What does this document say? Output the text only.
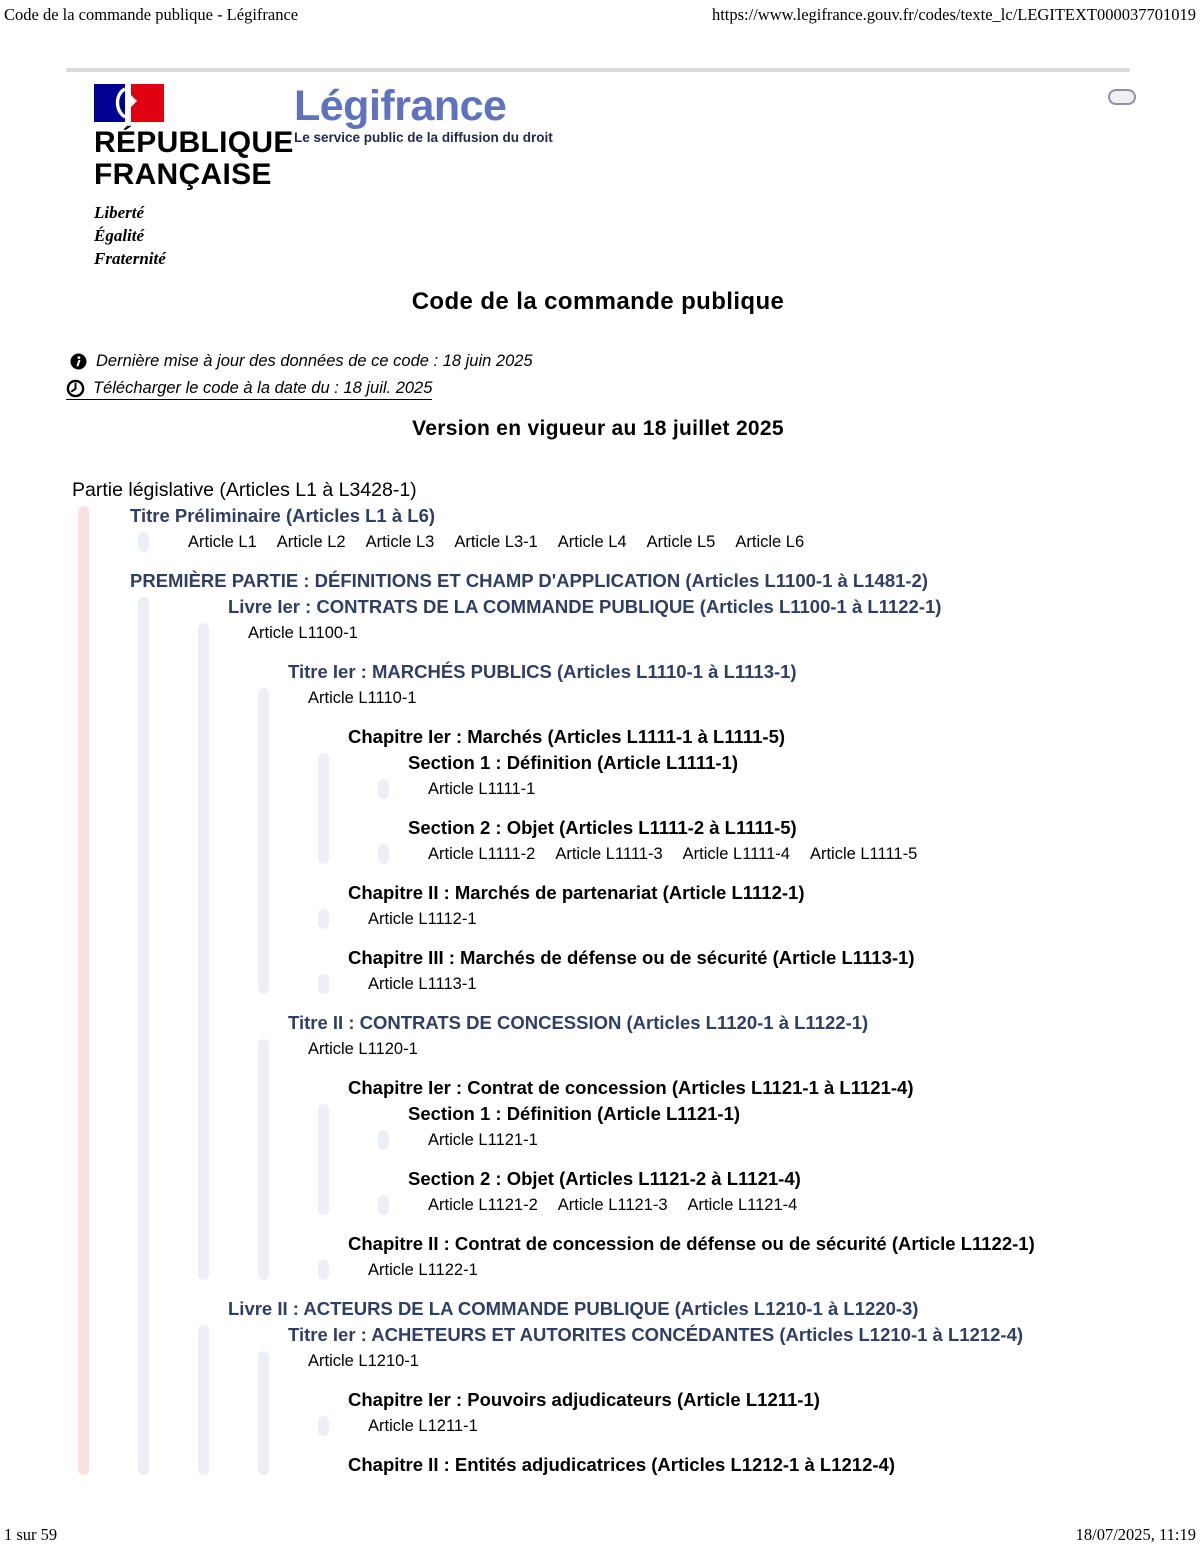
Code de la commande publique - Légifrance	https://www.legifrance.gouv.fr/codes/texte_lc/LEGITEXT000037701019
RÉPUBLIQUE
FRANÇAISE
Liberté
Égalité
Fraternité
Légifrance
Le service public de la diffusion du droit
Code de la commande publique
Dernière mise à jour des données de ce code : 18 juin 2025
Télécharger le code à la date du : 18 juil. 2025
Version en vigueur au 18 juillet 2025
Partie législative (Articles L1 à L3428-1)
Titre Préliminaire (Articles L1 à L6)
Article L1 Article L2 Article L3 Article L3-1 Article L4 Article L5 Article L6
PREMIÈRE PARTIE : DÉFINITIONS ET CHAMP D'APPLICATION (Articles L1100-1 à L1481-2)
Livre Ier : CONTRATS DE LA COMMANDE PUBLIQUE (Articles L1100-1 à L1122-1)
Article L1100-1
Titre Ier : MARCHÉS PUBLICS (Articles L1110-1 à L1113-1)
Article L1110-1
Chapitre Ier : Marchés (Articles L1111-1 à L1111-5)
Section 1 : Définition (Article L1111-1)
Article L1111-1
Section 2 : Objet (Articles L1111-2 à L1111-5)
Article L1111-2 Article L1111-3 Article L1111-4 Article L1111-5
Chapitre II : Marchés de partenariat (Article L1112-1)
Article L1112-1
Chapitre III : Marchés de défense ou de sécurité (Article L1113-1)
Article L1113-1
Titre II : CONTRATS DE CONCESSION (Articles L1120-1 à L1122-1)
Article L1120-1
Chapitre Ier : Contrat de concession (Articles L1121-1 à L1121-4)
Section 1 : Définition (Article L1121-1)
Article L1121-1
Section 2 : Objet (Articles L1121-2 à L1121-4)
Article L1121-2 Article L1121-3 Article L1121-4
Chapitre II : Contrat de concession de défense ou de sécurité (Article L1122-1)
Article L1122-1
Livre II : ACTEURS DE LA COMMANDE PUBLIQUE (Articles L1210-1 à L1220-3)
Titre Ier : ACHETEURS ET AUTORITES CONCÉDANTES (Articles L1210-1 à L1212-4)
Article L1210-1
Chapitre Ier : Pouvoirs adjudicateurs (Article L1211-1)
Article L1211-1
Chapitre II : Entités adjudicatrices (Articles L1212-1 à L1212-4)
1 sur 59	18/07/2025, 11:19
